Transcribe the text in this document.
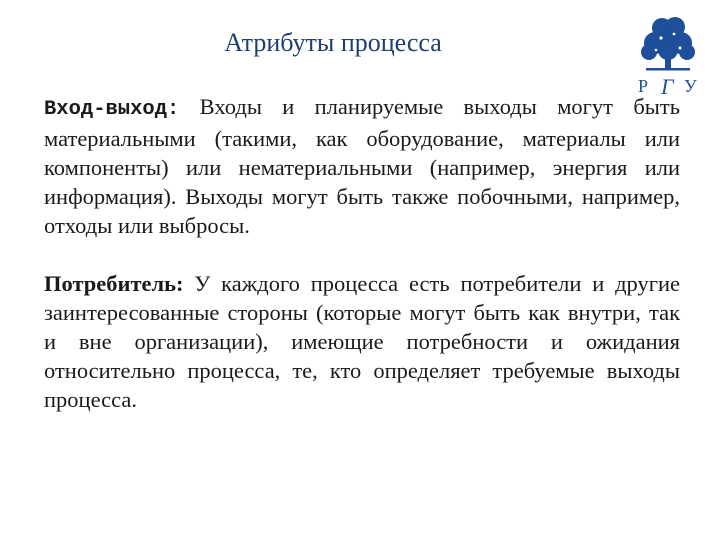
Атрибуты процесса
Р Г У

Вход-выход: Входы и планируемые выходы могут быть материальными (такими, как оборудование, материалы или компоненты) или нематериальными (например, энергия или информация). Выходы могут быть также побочными, например, отходы или выбросы.

Потребитель: У каждого процесса есть потребители и другие заинтересованные стороны (которые могут быть как внутри, так и вне организации), имеющие потребности и ожидания относительно процесса, те, кто определяет требуемые выходы процесса.
